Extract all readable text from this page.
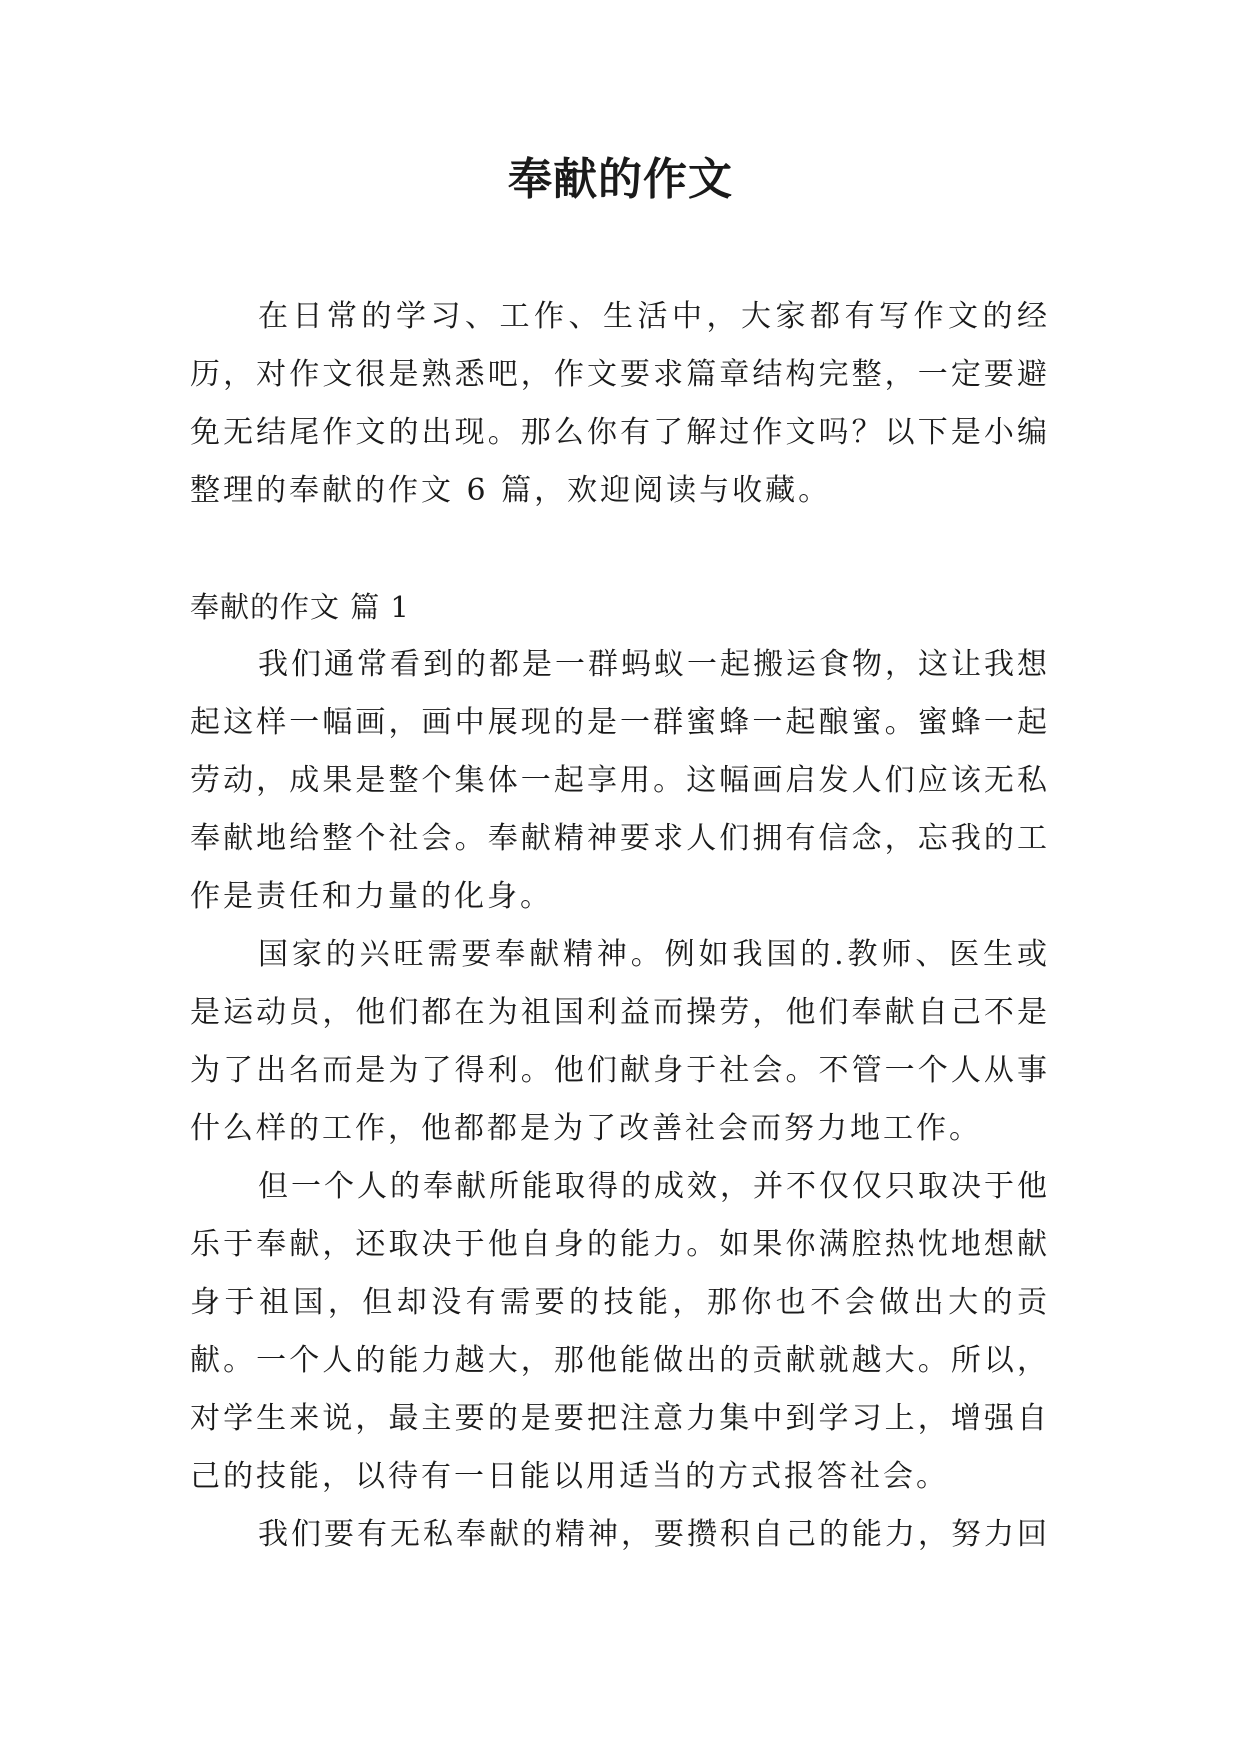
奉献的作文

在日常的学习、工作、生活中，大家都有写作文的经历，对作文很是熟悉吧，作文要求篇章结构完整，一定要避免无结尾作文的出现。那么你有了解过作文吗？以下是小编整理的奉献的作文 6 篇，欢迎阅读与收藏。

奉献的作文 篇 1

我们通常看到的都是一群蚂蚁一起搬运食物，这让我想起这样一幅画，画中展现的是一群蜜蜂一起酿蜜。蜜蜂一起劳动，成果是整个集体一起享用。这幅画启发人们应该无私奉献地给整个社会。奉献精神要求人们拥有信念，忘我的工作是责任和力量的化身。

国家的兴旺需要奉献精神。例如我国的.教师、医生或是运动员，他们都在为祖国利益而操劳，他们奉献自己不是为了出名而是为了得利。他们献身于社会。不管一个人从事什么样的工作，他都都是为了改善社会而努力地工作。

但一个人的奉献所能取得的成效，并不仅仅只取决于他乐于奉献，还取决于他自身的能力。如果你满腔热忱地想献身于祖国，但却没有需要的技能，那你也不会做出大的贡献。一个人的能力越大，那他能做出的贡献就越大。所以，对学生来说，最主要的是要把注意力集中到学习上，增强自己的技能，以待有一日能以用适当的方式报答社会。

我们要有无私奉献的精神，要攒积自己的能力，努力回
